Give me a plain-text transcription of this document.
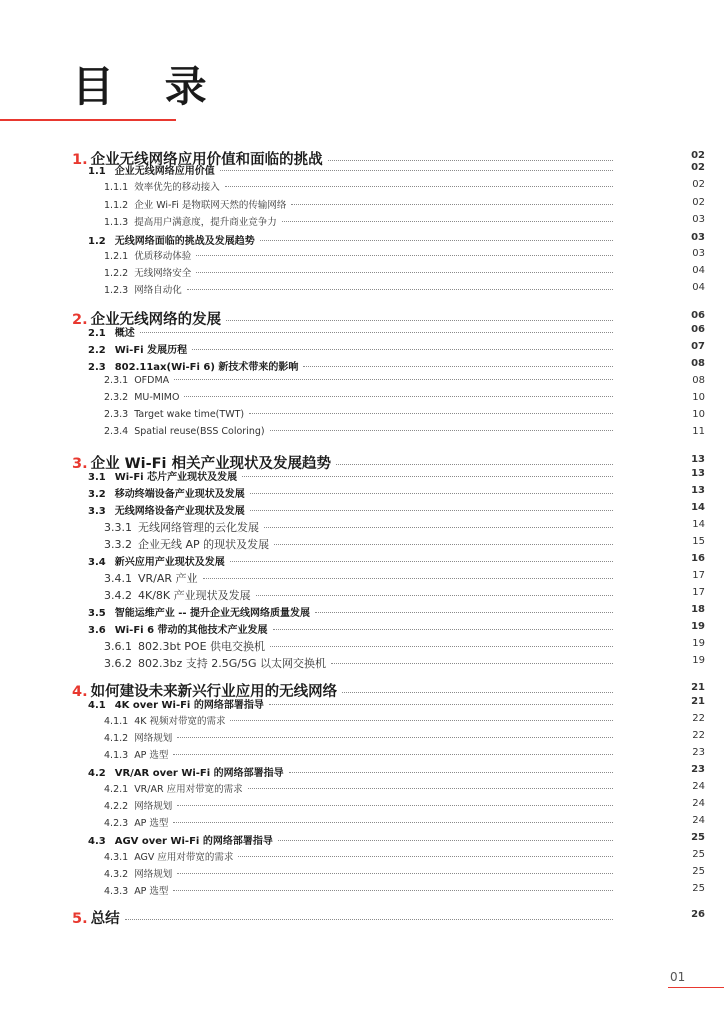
目 录
1. 企业无线网络应用价值和面临的挑战	02
1.1 企业无线网络应用价值	02
1.1.1 效率优先的移动接入	02
1.1.2 企业 Wi-Fi 是物联网天然的传输网络	02
1.1.3 提高用户满意度，提升商业竞争力	03
1.2 无线网络面临的挑战及发展趋势	03
1.2.1 优质移动体验	03
1.2.2 无线网络安全	04
1.2.3 网络自动化	04
2. 企业无线网络的发展	06
2.1 概述	06
2.2 Wi-Fi 发展历程	07
2.3 802.11ax(Wi-Fi 6) 新技术带来的影响	08
2.3.1 OFDMA	08
2.3.2 MU-MIMO	10
2.3.3 Target wake time(TWT)	10
2.3.4 Spatial reuse(BSS Coloring)	11
3. 企业 Wi-Fi 相关产业现状及发展趋势	13
3.1 Wi-Fi 芯片产业现状及发展	13
3.2 移动终端设备产业现状及发展	13
3.3 无线网络设备产业现状及发展	14
3.3.1 无线网络管理的云化发展	14
3.3.2 企业无线 AP 的现状及发展	15
3.4 新兴应用产业现状及发展	16
3.4.1 VR/AR 产业	17
3.4.2 4K/8K 产业现状及发展	17
3.5 智能运维产业 -- 提升企业无线网络质量发展	18
3.6 Wi-Fi 6 带动的其他技术产业发展	19
3.6.1 802.3bt POE 供电交换机	19
3.6.2 802.3bz 支持 2.5G/5G 以太网交换机	19
4. 如何建设未来新兴行业应用的无线网络	21
4.1 4K over Wi-Fi 的网络部署指导	21
4.1.1 4K 视频对带宽的需求	22
4.1.2 网络规划	22
4.1.3 AP 选型	23
4.2 VR/AR over Wi-Fi 的网络部署指导	23
4.2.1 VR/AR 应用对带宽的需求	24
4.2.2 网络规划	24
4.2.3 AP 选型	24
4.3 AGV over Wi-Fi 的网络部署指导	25
4.3.1 AGV 应用对带宽的需求	25
4.3.2 网络规划	25
4.3.3 AP 选型	25
5. 总结	26
01
